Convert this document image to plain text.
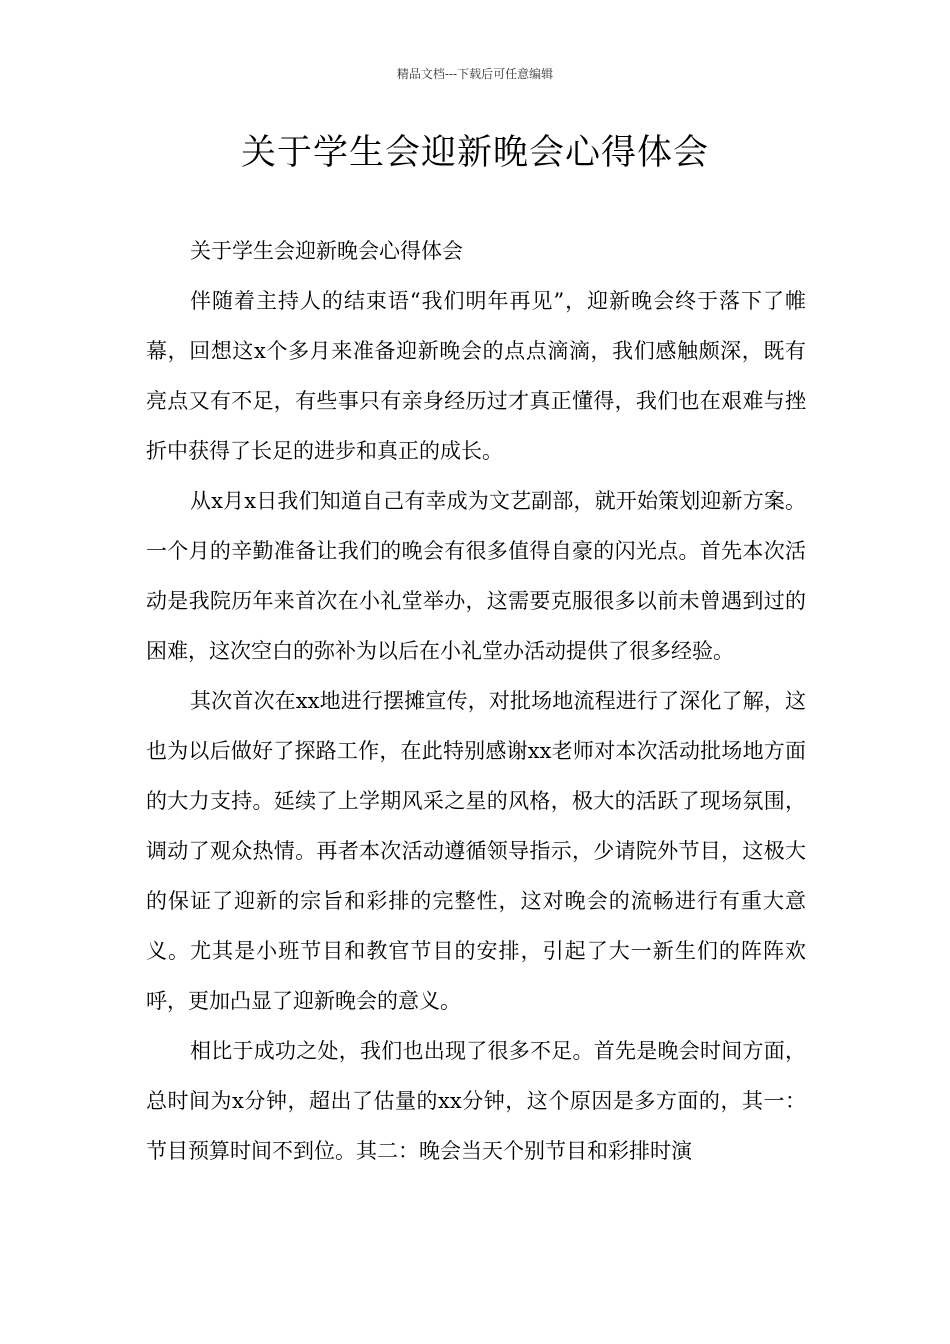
精品文档---下载后可任意编辑
关于学生会迎新晚会心得体会

关于学生会迎新晚会心得体会

伴随着主持人的结束语“我们明年再见”，迎新晚会终于落下了帷幕，回想这x个多月来准备迎新晚会的点点滴滴，我们感触颇深，既有亮点又有不足，有些事只有亲身经历过才真正懂得，我们也在艰难与挫折中获得了长足的进步和真正的成长。

从x月x日我们知道自己有幸成为文艺副部，就开始策划迎新方案。一个月的辛勤准备让我们的晚会有很多值得自豪的闪光点。首先本次活动是我院历年来首次在小礼堂举办，这需要克服很多以前未曾遇到过的困难，这次空白的弥补为以后在小礼堂办活动提供了很多经验。

其次首次在xx地进行摆摊宣传，对批场地流程进行了深化了解，这也为以后做好了探路工作，在此特别感谢xx老师对本次活动批场地方面的大力支持。延续了上学期风采之星的风格，极大的活跃了现场氛围，调动了观众热情。再者本次活动遵循领导指示，少请院外节目，这极大的保证了迎新的宗旨和彩排的完整性，这对晚会的流畅进行有重大意义。尤其是小班节目和教官节目的安排，引起了大一新生们的阵阵欢呼，更加凸显了迎新晚会的意义。

相比于成功之处，我们也出现了很多不足。首先是晚会时间方面，总时间为x分钟，超出了估量的xx分钟，这个原因是多方面的，其一：节目预算时间不到位。其二：晚会当天个别节目和彩排时演
